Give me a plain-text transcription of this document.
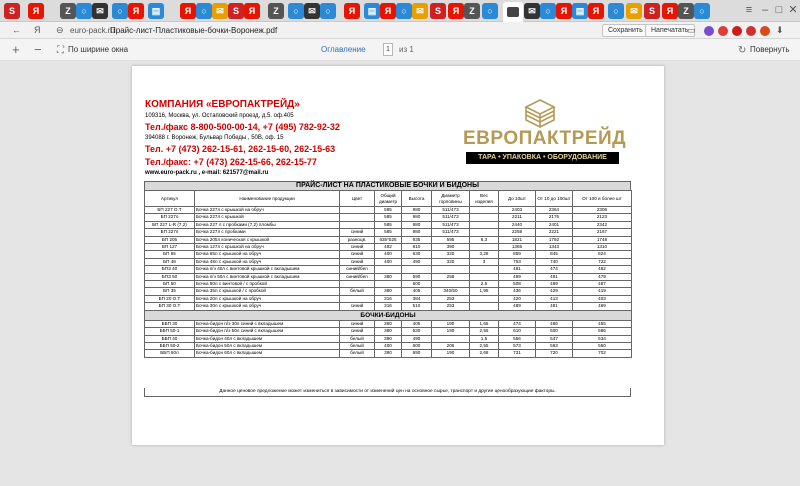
S	Я	Z	○	✉	○	Я	▤	Я	○	✉	S	Я	Z	○	✉	○	Я	▤ Я	○	✉	S	Я	Z	○	✉	○	Я ▤ Я	○	✉	S	Я	Z	○	≡ – □ ✕
← Я ⊖ euro-pack.ru
Прайс-лист-Пластиковые-бочки-Воронеж.pdf	Сохранить	Напечатать
▭	⬇
+ − ⛶ По ширине окна	Оглавление	1	из 1	↻ Повернуть
КОМПАНИЯ «ЕВРОПАКТРЕЙД»
109316, Москва, ул. Остаповский проезд, д.5. оф.405
Тел./факс 8-800-500-00-14, +7 (495) 782-92-32
394088 г. Воронеж, Бульвар Победы , 50В, оф. 15
Тел. +7 (473) 262-15-61, 262-15-60, 262-15-63
Тел./факс: +7 (473) 262-15-66, 262-15-77
www.euro-pack.ru , e-mail: 621577@mail.ru
ЕВРОПАКТРЕЙД
ТАРА • УПАКОВКА • ОБОРУДОВАНИЕ
ПРАЙС-ЛИСТ НА ПЛАСТИКОВЫЕ БОЧКИ И БИДОНЫ
Артикул	Наименование продукции	Цвет	Общий диаметр	Высота	Диаметр горловины	Вес изделия	До 10шт	От 10 до 100шт	От 100 и более шт
БП 227 О.Т	Бочка 227л с крышкой на обруч		585	980	511/473		2403	2364	2306
БП 227о	Бочка 227л с крышкой		585	980	511/473		2211	2176	2123
БП 227 L-R (7,2)	Бочка 227 л с пробками (7,2) пломбы		585	980	511/473		2440	2401	2342
БП 227п	Бочка 227л с пробками	синий	585	980	511/473		2258	2221	2167
БП 205	Бочка 205л коническая с крышкой	разноцв.	635*525	935	595	6,3	1821	1792	1748
БП 127	Бочка 127л с крышкой на обруч	синий	492	810	390		1365	1343	1310
БП 65	Бочка 65л с крышкой на обруч	синий	400	630	320	3,28	859	845	824
БП 48	Бочка 48л с крышкой на обруч	синий	400	490	320	3	753	740	722
БПЗ 40	Бочка п/э 40л с винтовой крышкой с вкладышем	синий/бел					481	474	462
БПЗ 50	Бочка п/э 50л с винтовой крышкой с вкладышем	синий/бел	380	590	258		499	491	479
БП 50	Бочка 50л с винтовой / с пробкой			600		2,5	508	499	487
БП 35	Бочка 35л с крышкой / с пробкой	белый	380	405	340/50	1,95	436	429	419
БП 20 О.Т	Бочка 20л с крышкой на обруч		316	384	253		420	413	403
БП 30 О.Т	Бочка 30л с крышкой на обруч	синий	316	510	253		489	481	469
БОЧКИ-БИДОНЫ									
ББП 30	Бочка-бидон п/э 30л синий с вкладышем	синий	360	405	190	1,65	474	466	455
ББП 50-1	Бочка-бидон п/э 50л синий с вкладышем	синий	380	530	190	2,55	610	600	586
ББП 40	Бочка-бидон 40л с вкладышем	белый	390	490		1,5	556	547	534
ББП 50-2	Бочка-бидон 50л с вкладышем	белый	400	600	206	2,55	573	563	550
ББП 60л	Бочка-бидон 60л с вкладышем	белый	390	690	190	2,68	731	720	702
Данное ценовое предложение может измениться в зависимости от изменений цен на основное сырье, транспорт и другие ценообразующие факторы.
